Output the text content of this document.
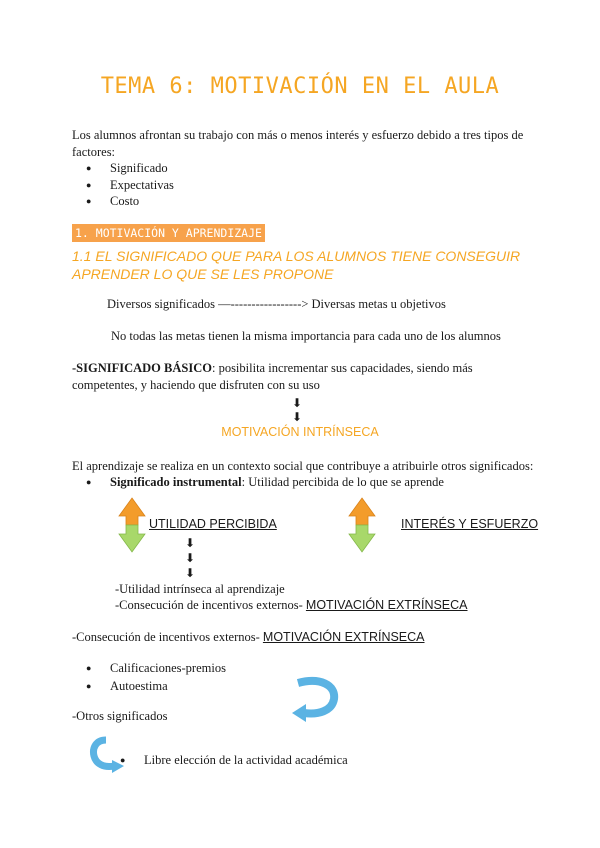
TEMA 6: MOTIVACIÓN EN EL AULA
Los alumnos afrontan su trabajo con más o menos interés y esfuerzo debido a tres tipos de factores:
● Significado
● Expectativas
● Costo
1. MOTIVACIÓN Y APRENDIZAJE
1.1 EL SIGNIFICADO QUE PARA LOS ALUMNOS TIENE CONSEGUIR APRENDER LO QUE SE LES PROPONE
Diversos significados —-----------------> Diversas metas u objetivos
No todas las metas tienen la misma importancia para cada uno de los alumnos
-SIGNIFICADO BÁSICO: posibilita incrementar sus capacidades, siendo más competentes, y haciendo que disfruten con su uso
⬇
⬇
MOTIVACIÓN INTRÍNSECA
El aprendizaje se realiza en un contexto social que contribuye a atribuirle otros significados:
● Significado instrumental: Utilidad percibida de lo que se aprende
UTILIDAD PERCIBIDA	INTERÉS Y ESFUERZO
⬇
⬇
⬇
-Utilidad intrínseca al aprendizaje
-Consecución de incentivos externos- MOTIVACIÓN EXTRÍNSECA
-Consecución de incentivos externos- MOTIVACIÓN EXTRÍNSECA
● Calificaciones-premios
● Autoestima
-Otros significados
● Libre elección de la actividad académica
